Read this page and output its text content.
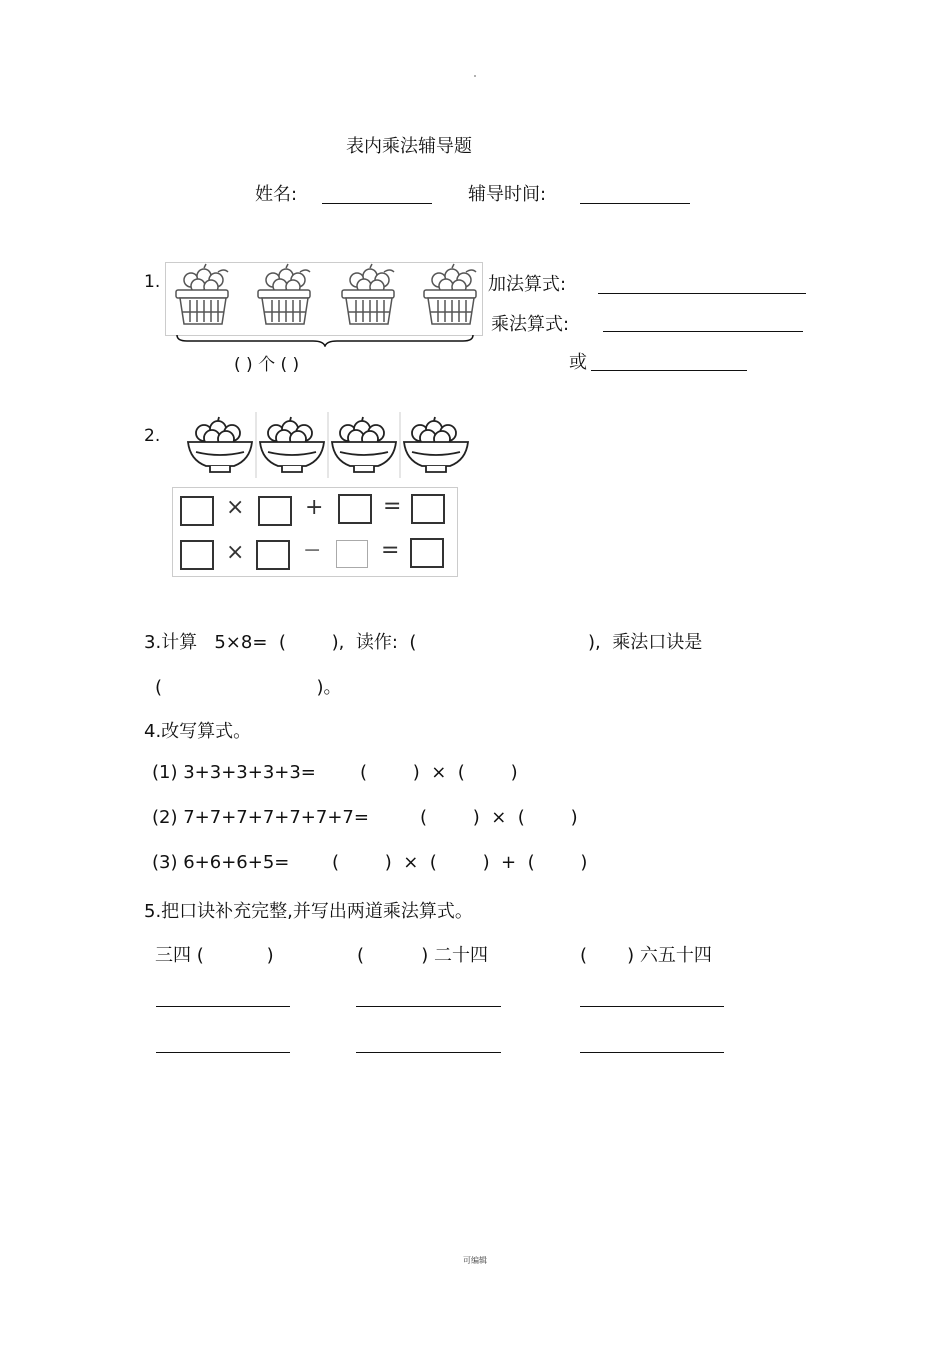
表内乘法辅导题
姓名:	辅导时间:
1.
( ) 个 ( )
加法算式:
乘法算式:
或
2.
×	+	=
×	−	=
3.计算   5×8=  (        ),  读作:  (                              ),  乘法口诀是
(                           )。
4.改写算式。
(1) 3+3+3+3+3= (        )  ×  (        )
(2) 7+7+7+7+7+7+7=	(        )  ×  (        )
(3) 6+6+6+5= (        )  ×  (        )  +  (        )
5.把口诀补充完整,并写出两道乘法算式。
三四 (           )	(          ) 二十四	(       ) 六五十四
可编辑
